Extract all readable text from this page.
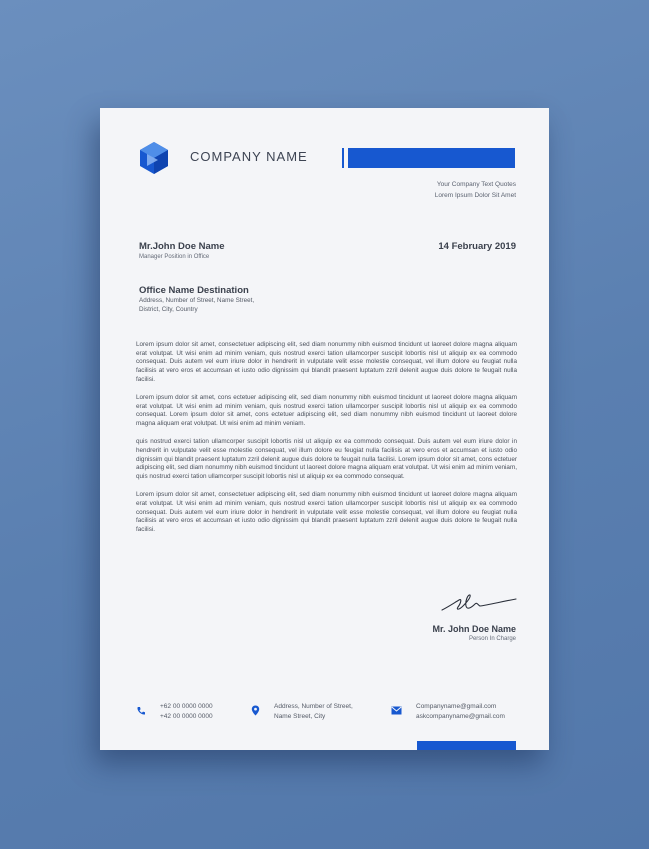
COMPANY NAME
Your Company Text Quotes
Lorem Ipsum Dolor Sit Amet
Mr.John Doe Name
Manager Position in Office
14 February 2019
Office Name Destination
Address, Number of Street, Name Street,
District, City, Country

Lorem ipsum dolor sit amet, consectetuer adipiscing elit, sed diam nonummy nibh euismod tincidunt ut laoreet dolore magna aliquam erat volutpat. Ut wisi enim ad minim veniam, quis nostrud exerci tation ullamcorper suscipit lobortis nisl ut aliquip ex ea commodo consequat. Duis autem vel eum iriure dolor in hendrerit in vulputate velit esse molestie consequat, vel illum dolore eu feugiat nulla facilisis at vero eros et accumsan et iusto odio dignissim qui blandit praesent luptatum zzril delenit augue duis dolore te feugait nulla facilisi.

Lorem ipsum dolor sit amet, cons ectetuer adipiscing elit, sed diam nonummy nibh euismod tincidunt ut laoreet dolore magna aliquam erat volutpat. Ut wisi enim ad minim veniam, quis nostrud exerci tation ullamcorper suscipit lobortis nisl ut aliquip ex ea commodo consequat. Lorem ipsum dolor sit amet, cons ectetuer adipiscing elit, sed diam nonummy nibh euismod tincidunt ut laoreet dolore magna aliquam erat volutpat. Ut wisi enim ad minim veniam.

quis nostrud exerci tation ullamcorper suscipit lobortis nisl ut aliquip ex ea commodo consequat. Duis autem vel eum iriure dolor in hendrerit in vulputate velit esse molestie consequat, vel illum dolore eu feugiat nulla facilisis at vero eros et accumsan et iusto odio dignissim qui blandit praesent luptatum zzril delenit augue duis dolore te feugait nulla facilisi. Lorem ipsum dolor sit amet, cons ectetuer adipiscing elit, sed diam nonummy nibh euismod tincidunt ut laoreet dolore magna aliquam erat volutpat. Ut wisi enim ad minim veniam, quis nostrud exerci tation ullamcorper suscipit lobortis nisl ut aliquip ex ea commodo consequat.

Lorem ipsum dolor sit amet, consectetuer adipiscing elit, sed diam nonummy nibh euismod tincidunt ut laoreet dolore magna aliquam erat volutpat. Ut wisi enim ad minim veniam, quis nostrud exerci tation ullamcorper suscipit lobortis nisl ut aliquip ex ea commodo consequat. Duis autem vel eum iriure dolor in hendrerit in vulputate velit esse molestie consequat, vel illum dolore eu feugiat nulla facilisis at vero eros et accumsan et iusto odio dignissim qui blandit praesent luptatum zzril delenit augue duis dolore te feugait nulla facilisi.

Mr. John Doe Name
Person In Charge
+62 00 0000 0000
+42 00 0000 0000
Address, Number of Street,
Name Street, City
Companyname@gmail.com
askcompanyname@gmail.com
